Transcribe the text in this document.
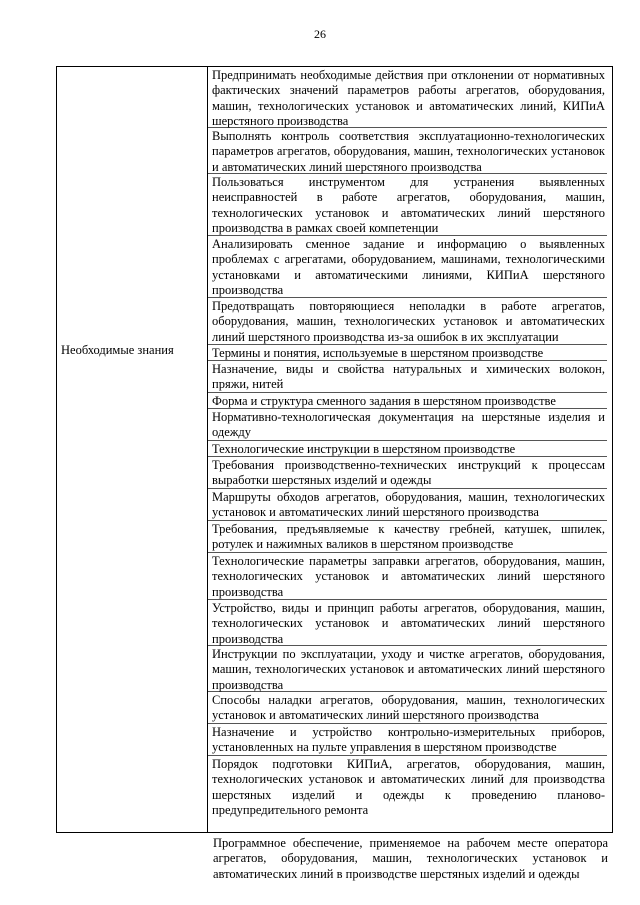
26
Необходимые знания

Предпринимать необходимые действия при отклонении от нормативных фактических значений параметров работы агрегатов, оборудования, машин, технологических установок и автоматических линий, КИПиА шерстяного производства
Выполнять контроль соответствия эксплуатационно-технологических параметров агрегатов, оборудования, машин, технологических установок и автоматических линий шерстяного производства
Пользоваться инструментом для устранения выявленных неисправностей в работе агрегатов, оборудования, машин, технологических установок и автоматических линий шерстяного производства в рамках своей компетенции
Анализировать сменное задание и информацию о выявленных проблемах с агрегатами, оборудованием, машинами, технологическими установками и автоматическими линиями, КИПиА шерстяного производства
Предотвращать повторяющиеся неполадки в работе агрегатов, оборудования, машин, технологических установок и автоматических линий шерстяного производства из-за ошибок в их эксплуатации
Термины и понятия, используемые в шерстяном производстве
Назначение, виды и свойства натуральных и химических волокон, пряжи, нитей
Форма и структура сменного задания в шерстяном производстве
Нормативно-технологическая документация на шерстяные изделия и одежду
Технологические инструкции в шерстяном производстве
Требования производственно-технических инструкций к процессам выработки шерстяных изделий и одежды
Маршруты обходов агрегатов, оборудования, машин, технологических установок и автоматических линий шерстяного производства
Требования, предъявляемые к качеству гребней, катушек, шпилек, ротулек и нажимных валиков в шерстяном производстве
Технологические параметры заправки агрегатов, оборудования, машин, технологических установок и автоматических линий шерстяного производства
Устройство, виды и принцип работы агрегатов, оборудования, машин, технологических установок и автоматических линий шерстяного производства
Инструкции по эксплуатации, уходу и чистке агрегатов, оборудования, машин, технологических установок и автоматических линий шерстяного производства
Способы наладки агрегатов, оборудования, машин, технологических установок и автоматических линий шерстяного производства
Назначение и устройство контрольно-измерительных приборов, установленных на пульте управления в шерстяном производстве
Порядок подготовки КИПиА, агрегатов, оборудования, машин, технологических установок и автоматических линий для производства шерстяных изделий и одежды к проведению планово-предупредительного ремонта
Программное обеспечение, применяемое на рабочем месте оператора агрегатов, оборудования, машин, технологических установок и автоматических линий в производстве шерстяных изделий и одежды
